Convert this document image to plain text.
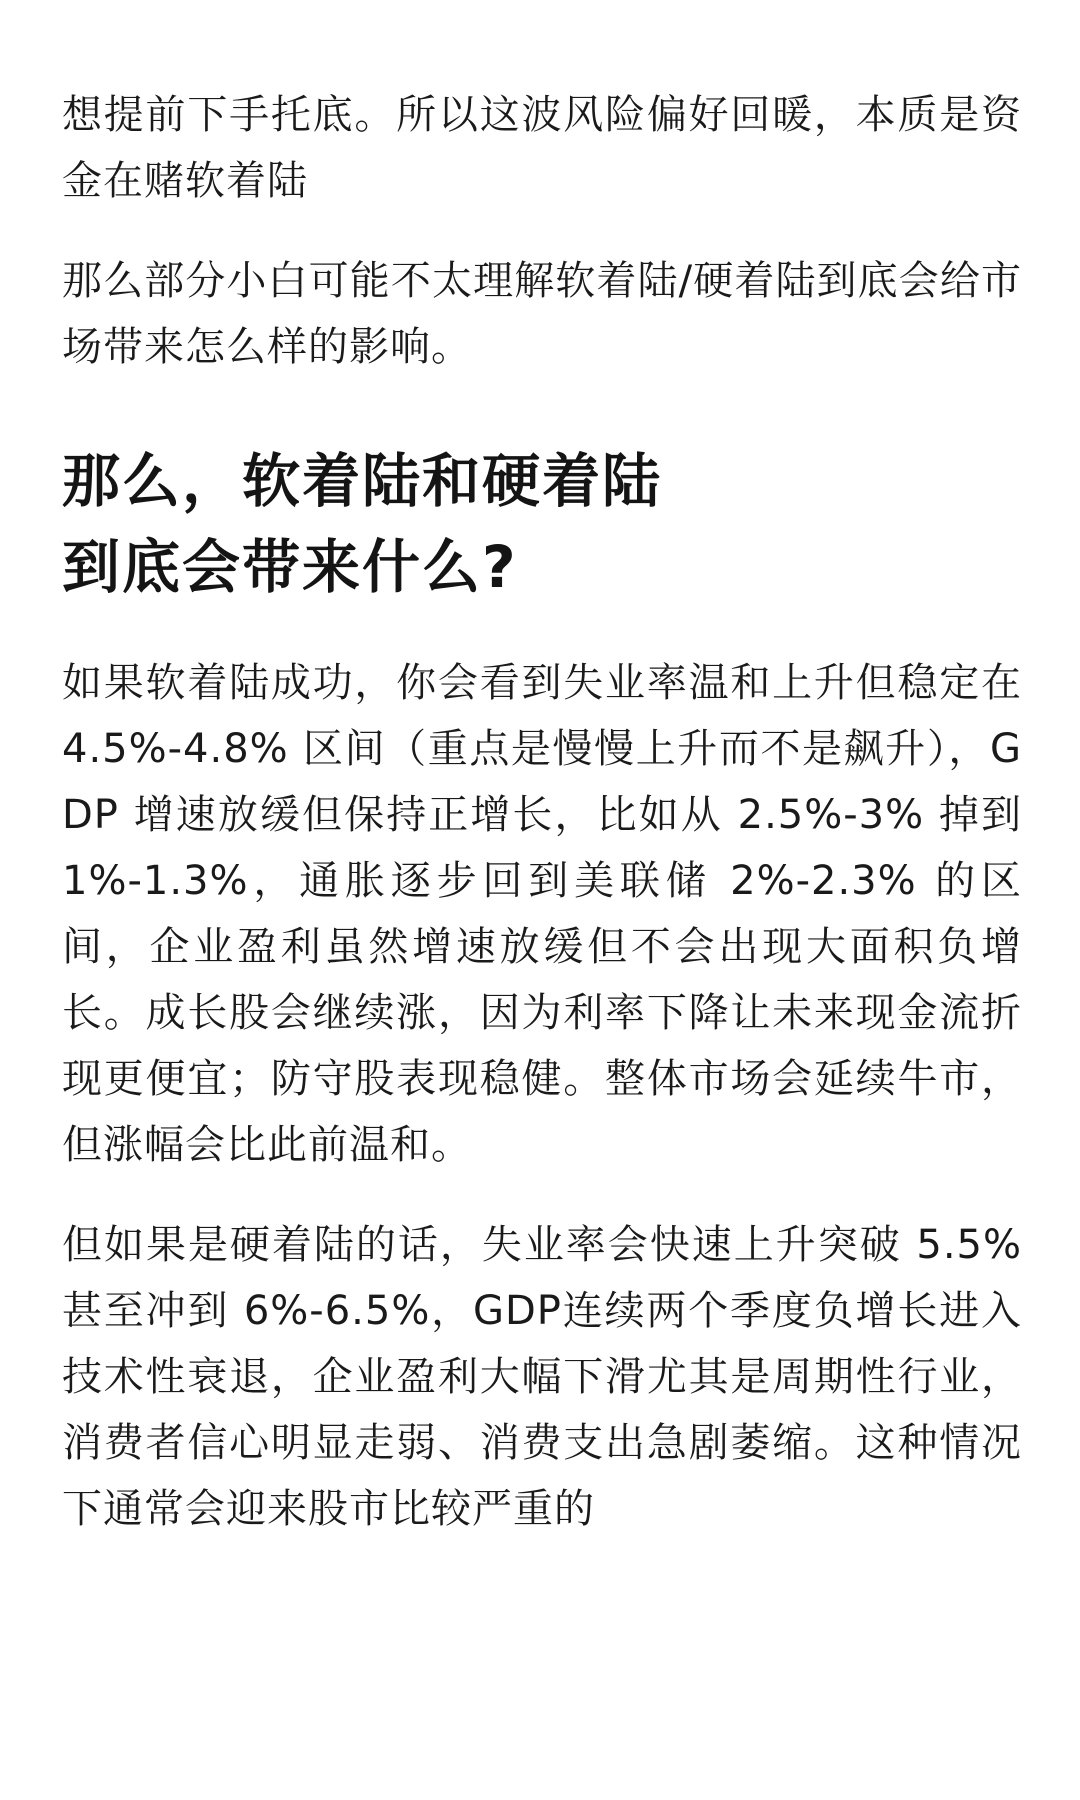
想提前下手托底。所以这波风险偏好回暖，本质是资金在赌软着陆

那么部分小白可能不太理解软着陆/硬着陆到底会给市场带来怎么样的影响。

那么，软着陆和硬着陆
到底会带来什么?

如果软着陆成功，你会看到失业率温和上升但稳定在 4.5%-4.8% 区间（重点是慢慢上升而不是飙升），GDP 增速放缓但保持正增长，比如从 2.5%-3% 掉到 1%-1.3%，通胀逐步回到美联储 2%-2.3% 的区间，企业盈利虽然增速放缓但不会出现大面积负增长。成长股会继续涨，因为利率下降让未来现金流折现更便宜；防守股表现稳健。整体市场会延续牛市，但涨幅会比此前温和。

但如果是硬着陆的话，失业率会快速上升突破 5.5% 甚至冲到 6%-6.5%，GDP连续两个季度负增长进入技术性衰退，企业盈利大幅下滑尤其是周期性行业，消费者信心明显走弱、消费支出急剧萎缩。这种情况下通常会迎来股市比较严重的
